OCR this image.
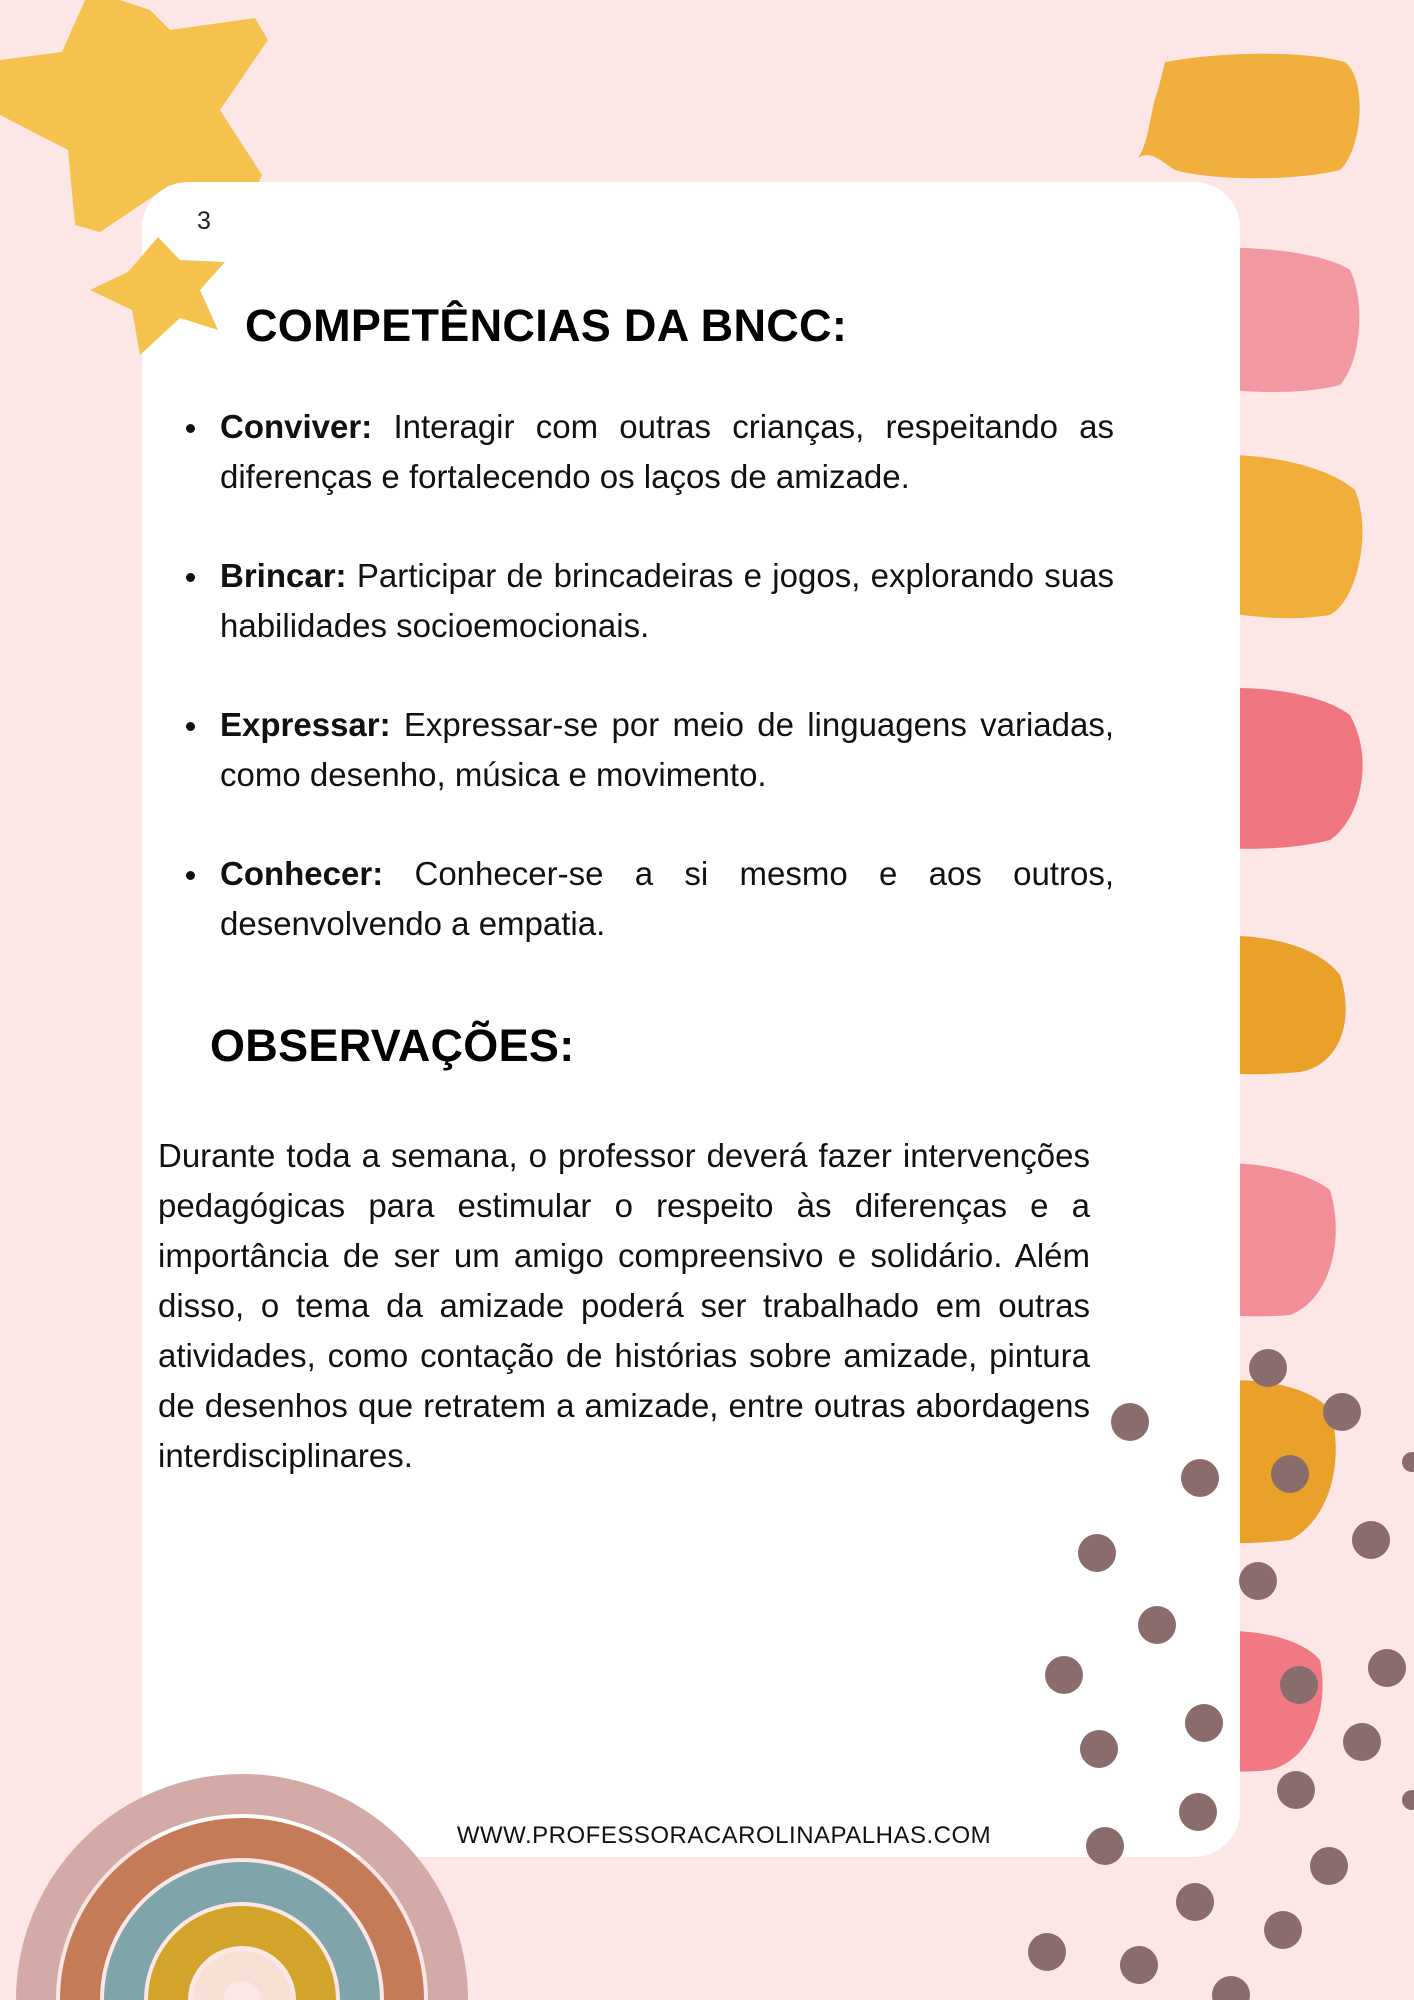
3
COMPETÊNCIAS DA BNCC:
Conviver: Interagir com outras crianças, respeitando as diferenças e fortalecendo os laços de amizade.
Brincar: Participar de brincadeiras e jogos, explorando suas habilidades socioemocionais.
Expressar: Expressar-se por meio de linguagens variadas, como desenho, música e movimento.
Conhecer: Conhecer-se a si mesmo e aos outros, desenvolvendo a empatia.
OBSERVAÇÕES:

Durante toda a semana, o professor deverá fazer intervenções pedagógicas para estimular o respeito às diferenças e a importância de ser um amigo compreensivo e solidário. Além disso, o tema da amizade poderá ser trabalhado em outras atividades, como contação de histórias sobre amizade, pintura de desenhos que retratem a amizade, entre outras abordagens interdisciplinares.

WWW.PROFESSORACAROLINAPALHAS.COM
